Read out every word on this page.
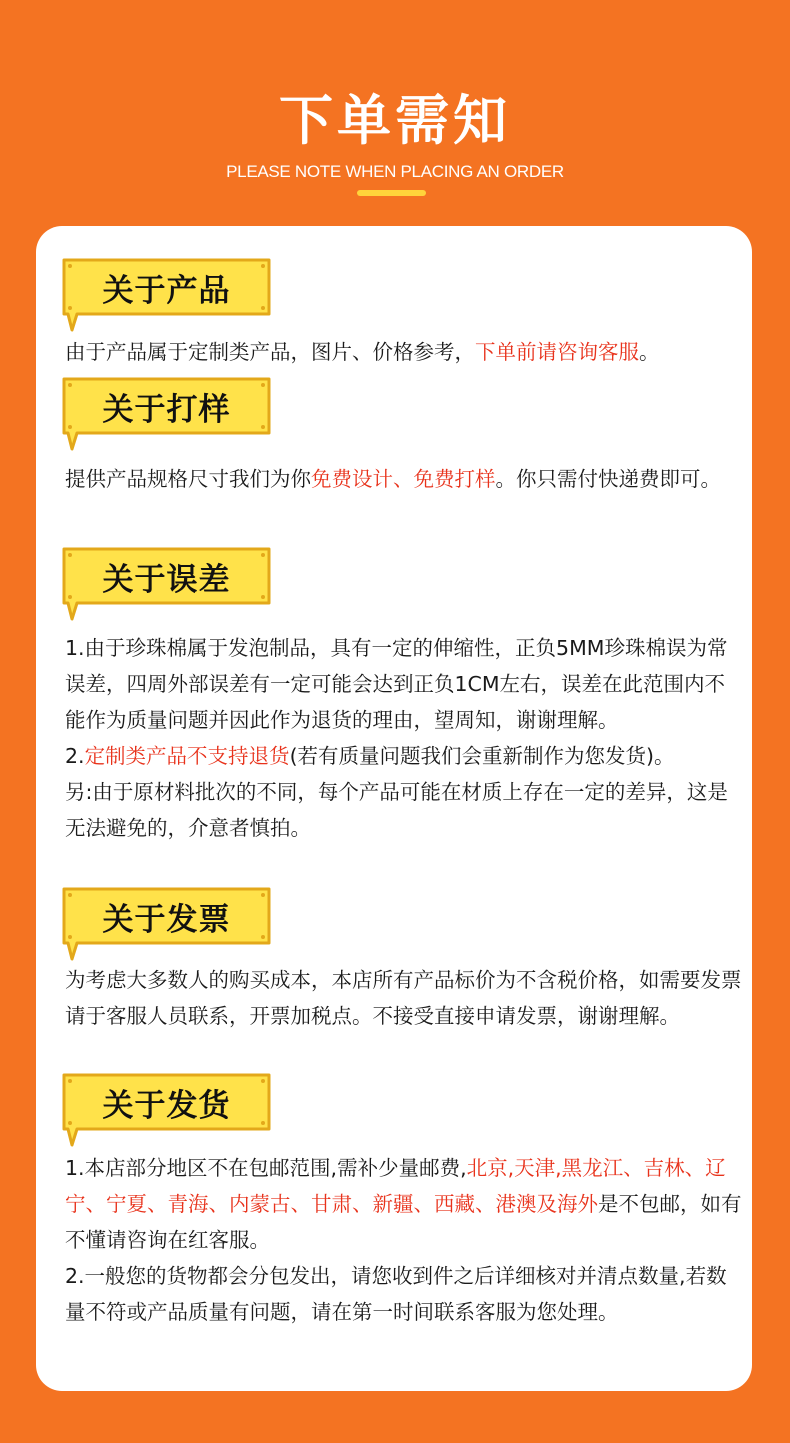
下单需知
PLEASE NOTE WHEN PLACING AN ORDER
关于产品

由于产品属于定制类产品，图片、价格参考，下单前请咨询客服。

关于打样

提供产品规格尺寸我们为你免费设计、免费打样。你只需付快递费即可。

关于误差

1.由于珍珠棉属于发泡制品，具有一定的伸缩性，正负5MM珍珠棉误为常误差，四周外部误差有一定可能会达到正负1CM左右，误差在此范围内不能作为质量问题并因此作为退货的理由，望周知，谢谢理解。

2.定制类产品不支持退货(若有质量问题我们会重新制作为您发货)。

另:由于原材料批次的不同，每个产品可能在材质上存在一定的差异，这是无法避免的，介意者慎拍。

关于发票

为考虑大多数人的购买成本，本店所有产品标价为不含税价格，如需要发票请于客服人员联系，开票加税点。不接受直接申请发票，谢谢理解。

关于发货

1.本店部分地区不在包邮范围,需补少量邮费,北京,天津,黑龙江、吉林、辽宁、宁夏、青海、内蒙古、甘肃、新疆、西藏、港澳及海外是不包邮，如有不懂请咨询在红客服。

2.一般您的货物都会分包发出，请您收到件之后详细核对并清点数量,若数量不符或产品质量有问题，请在第一时间联系客服为您处理。
